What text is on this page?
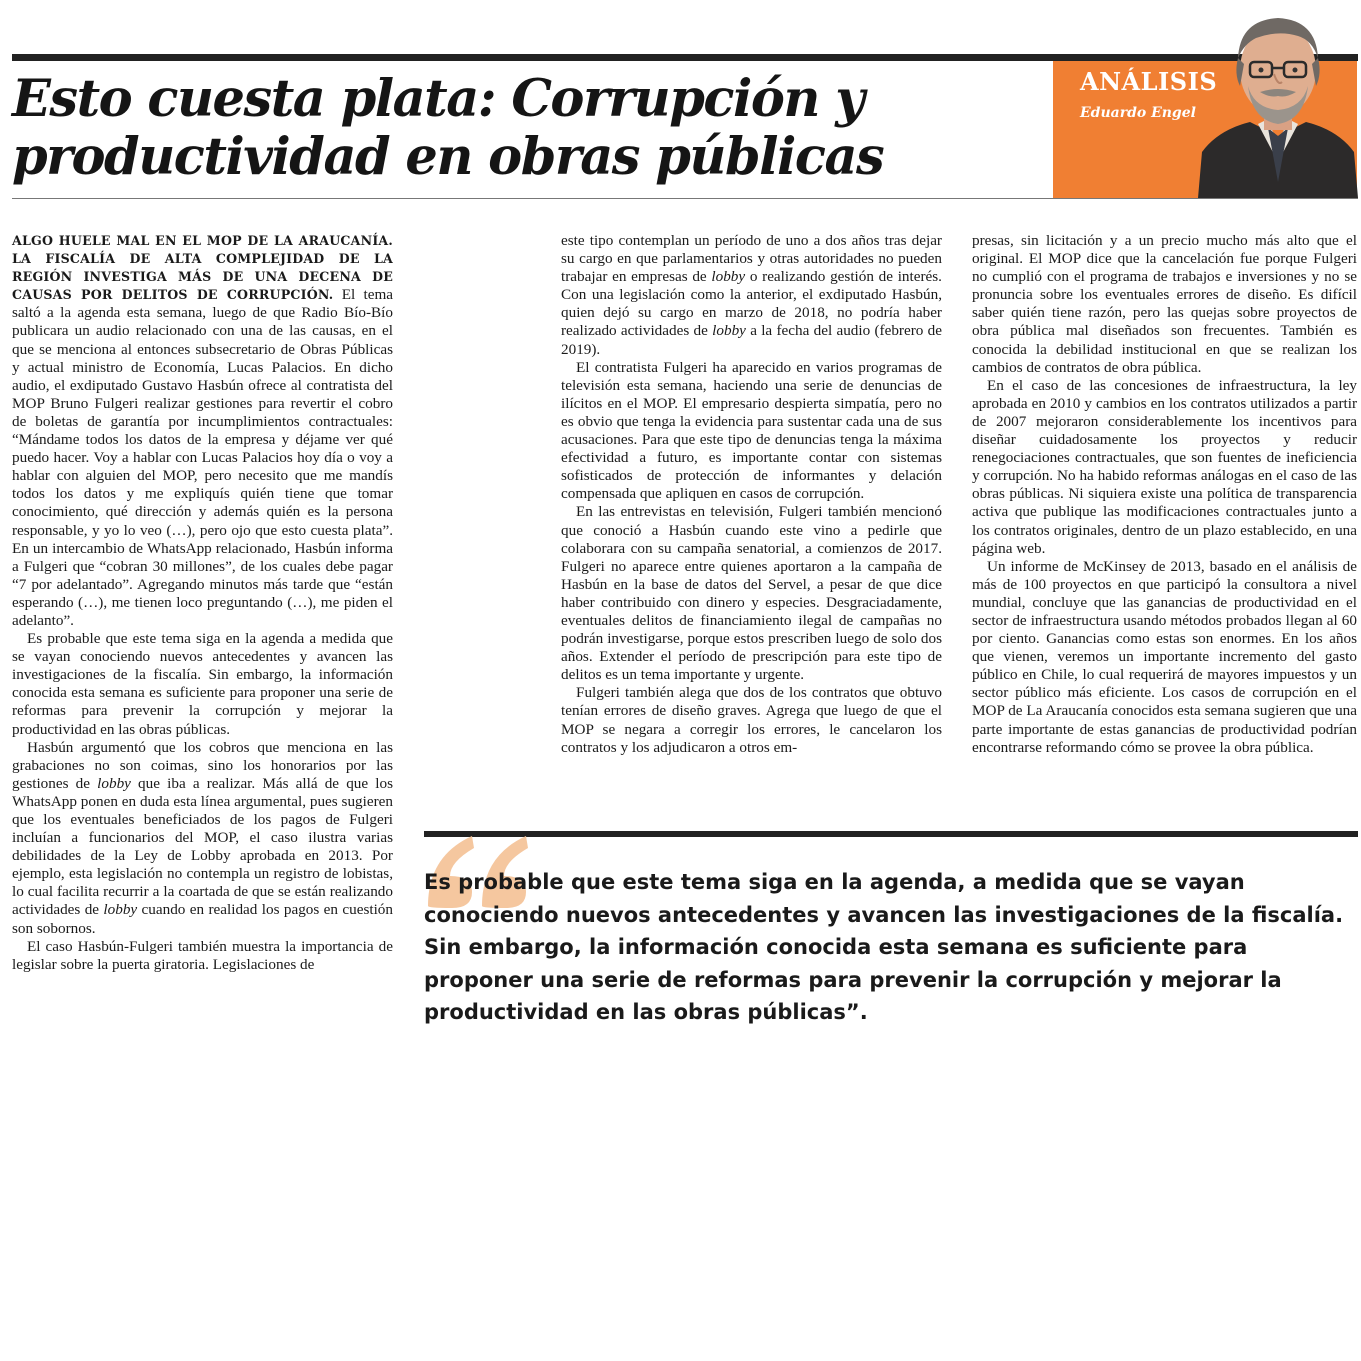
Esto cuesta plata: Corrupción y
productividad en obras públicas

ANÁLISIS

Eduardo Engel

ALGO HUELE MAL EN EL MOP DE LA ARAUCANÍA. LA FISCALÍA DE ALTA COMPLEJIDAD DE LA REGIÓN INVESTIGA MÁS DE UNA DECENA DE CAUSAS POR DELITOS DE CORRUPCIÓN. El tema saltó a la agenda esta semana, luego de que Radio Bío-Bío publicara un audio relacionado con una de las causas, en el que se menciona al entonces subsecretario de Obras Públicas y actual ministro de Economía, Lucas Palacios. En dicho audio, el exdiputado Gustavo Hasbún ofrece al contratista del MOP Bruno Fulgeri realizar gestiones para revertir el cobro de boletas de garantía por incumplimientos contractuales: “Mándame todos los datos de la empresa y déjame ver qué puedo hacer. Voy a hablar con Lucas Palacios hoy día o voy a hablar con alguien del MOP, pero necesito que me mandís todos los datos y me expliquís quién tiene que tomar conocimiento, qué dirección y además quién es la persona responsable, y yo lo veo (…), pero ojo que esto cuesta plata”. En un intercambio de WhatsApp relacionado, Hasbún informa a Fulgeri que “cobran 30 millones”, de los cuales debe pagar “7 por adelantado”. Agregando minutos más tarde que “están esperando (…), me tienen loco preguntando (…), me piden el adelanto”.

Es probable que este tema siga en la agenda a medida que se vayan conociendo nuevos antecedentes y avancen las investigaciones de la fiscalía. Sin embargo, la información conocida esta semana es suficiente para proponer una serie de reformas para prevenir la corrupción y mejorar la productividad en las obras públicas.

Hasbún argumentó que los cobros que menciona en las grabaciones no son coimas, sino los honorarios por las gestiones de lobby que iba a realizar. Más allá de que los WhatsApp ponen en duda esta línea argumental, pues sugieren que los eventuales beneficiados de los pagos de Fulgeri incluían a funcionarios del MOP, el caso ilustra varias debilidades de la Ley de Lobby aprobada en 2013. Por ejemplo, esta legislación no contempla un registro de lobistas, lo cual facilita recurrir a la coartada de que se están realizando actividades de lobby cuando en realidad los pagos en cuestión son sobornos.

El caso Hasbún-Fulgeri también muestra la importancia de legislar sobre la puerta giratoria. Legislaciones de

este tipo contemplan un período de uno a dos años tras dejar su cargo en que parlamentarios y otras autoridades no pueden trabajar en empresas de lobby o realizando gestión de interés. Con una legislación como la anterior, el exdiputado Hasbún, quien dejó su cargo en marzo de 2018, no podría haber realizado actividades de lobby a la fecha del audio (febrero de 2019).

El contratista Fulgeri ha aparecido en varios programas de televisión esta semana, haciendo una serie de denuncias de ilícitos en el MOP. El empresario despierta simpatía, pero no es obvio que tenga la evidencia para sustentar cada una de sus acusaciones. Para que este tipo de denuncias tenga la máxima efectividad a futuro, es importante contar con sistemas sofisticados de protección de informantes y delación compensada que apliquen en casos de corrupción.

En las entrevistas en televisión, Fulgeri también mencionó que conoció a Hasbún cuando este vino a pedirle que colaborara con su campaña senatorial, a comienzos de 2017. Fulgeri no aparece entre quienes aportaron a la campaña de Hasbún en la base de datos del Servel, a pesar de que dice haber contribuido con dinero y especies. Desgraciadamente, eventuales delitos de financiamiento ilegal de campañas no podrán investigarse, porque estos prescriben luego de solo dos años. Extender el período de prescripción para este tipo de delitos es un tema importante y urgente.

Fulgeri también alega que dos de los contratos que obtuvo tenían errores de diseño graves. Agrega que luego de que el MOP se negara a corregir los errores, le cancelaron los contratos y los adjudicaron a otros em-

presas, sin licitación y a un precio mucho más alto que el original. El MOP dice que la cancelación fue porque Fulgeri no cumplió con el programa de trabajos e inversiones y no se pronuncia sobre los eventuales errores de diseño. Es difícil saber quién tiene razón, pero las quejas sobre proyectos de obra pública mal diseñados son frecuentes. También es conocida la debilidad institucional en que se realizan los cambios de contratos de obra pública.

En el caso de las concesiones de infraestructura, la ley aprobada en 2010 y cambios en los contratos utilizados a partir de 2007 mejoraron considerablemente los incentivos para diseñar cuidadosamente los proyectos y reducir renegociaciones contractuales, que son fuentes de ineficiencia y corrupción. No ha habido reformas análogas en el caso de las obras públicas. Ni siquiera existe una política de transparencia activa que publique las modificaciones contractuales junto a los contratos originales, dentro de un plazo establecido, en una página web.

Un informe de McKinsey de 2013, basado en el análisis de más de 100 proyectos en que participó la consultora a nivel mundial, concluye que las ganancias de productividad en el sector de infraestructura usando métodos probados llegan al 60 por ciento. Ganancias como estas son enormes. En los años que vienen, veremos un importante incremento del gasto público en Chile, lo cual requerirá de mayores impuestos y un sector público más eficiente. Los casos de corrupción en el MOP de La Araucanía conocidos esta semana sugieren que una parte importante de estas ganancias de productividad podrían encontrarse reformando cómo se provee la obra pública.

Es probable que este tema siga en la agenda, a medida que se vayan conociendo nuevos antecedentes y avancen las investigaciones de la fiscalía. Sin embargo, la información conocida esta semana es suficiente para proponer una serie de reformas para prevenir la corrupción y mejorar la productividad en las obras públicas”.
